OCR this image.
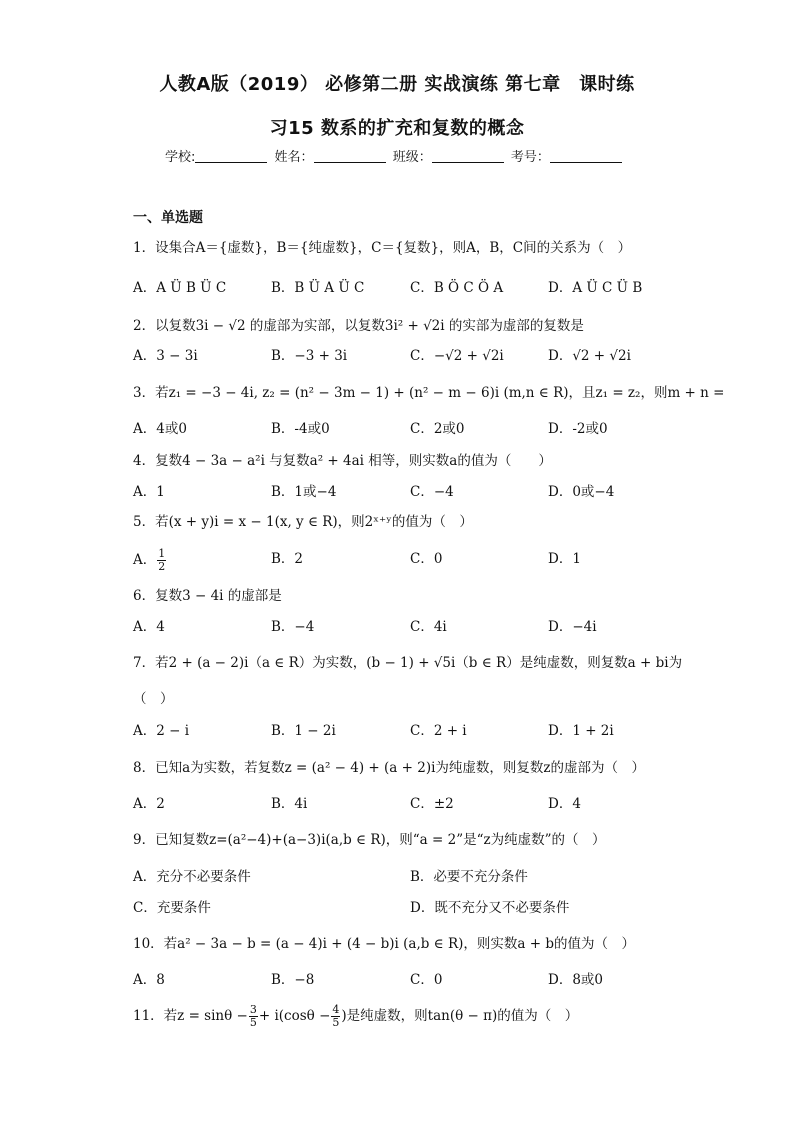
人教A版（2019） 必修第二册 实战演练 第七章　课时练
习15 数系的扩充和复数的概念
学校:	姓名：	班级：	考号：
一、单选题
1．设集合A＝{虚数}，B＝{纯虚数}，C＝{复数}，则A，B，C间的关系为（　）
A．A Ü B Ü C	B．B Ü A Ü C	C．B Ö C Ö A	D．A Ü C Ü B
2．以复数3i − √2 的虚部为实部，以复数3i² + √2i 的实部为虚部的复数是
A．3 − 3i	B．−3 + 3i	C．−√2 + √2i	D．√2 + √2i
3．若z₁ = −3 − 4i, z₂ = (n² − 3m − 1) + (n² − m − 6)i (m,n ∈ R)，且z₁ = z₂，则m + n =
A．4或0	B．-4或0	C．2或0	D．-2或0
4．复数4 − 3a − a²i 与复数a² + 4ai 相等，则实数a的值为（　　）
A．1	B．1或−4	C．−4	D．0或−4
5．若(x + y)i = x − 1(x, y ∈ R)，则2ˣ⁺ʸ的值为（　）
A． $\frac{1}{2}$	B．2	C．0	D．1
6．复数3 − 4i 的虚部是
A．4	B．−4	C．4i	D．−4i
7．若2 + (a − 2)i（a ∈ R）为实数，(b − 1) + √5i（b ∈ R）是纯虚数，则复数a + bi为
（　）
A．2 − i	B．1 − 2i	C．2 + i	D．1 + 2i
8．已知a为实数，若复数z = (a² − 4) + (a + 2)i为纯虚数，则复数z的虚部为（　）
A．2	B．4i	C．±2	D．4
9．已知复数z=(a²−4)+(a−3)i(a,b ∈ R)，则“a = 2”是“z为纯虚数”的（　）
A．充分不必要条件	B．必要不充分条件
C．充要条件	D．既不充分又不必要条件
10．若a² − 3a − b = (a − 4)i + (4 − b)i (a,b ∈ R)，则实数a + b的值为（　）
A．8	B．−8	C．0	D．8或0
11．若$z = \sin\theta - \frac{3}{5} + i(\cos\theta - \frac{4}{5}$ )是纯虚数，则tan(θ − π)的值为（　）
